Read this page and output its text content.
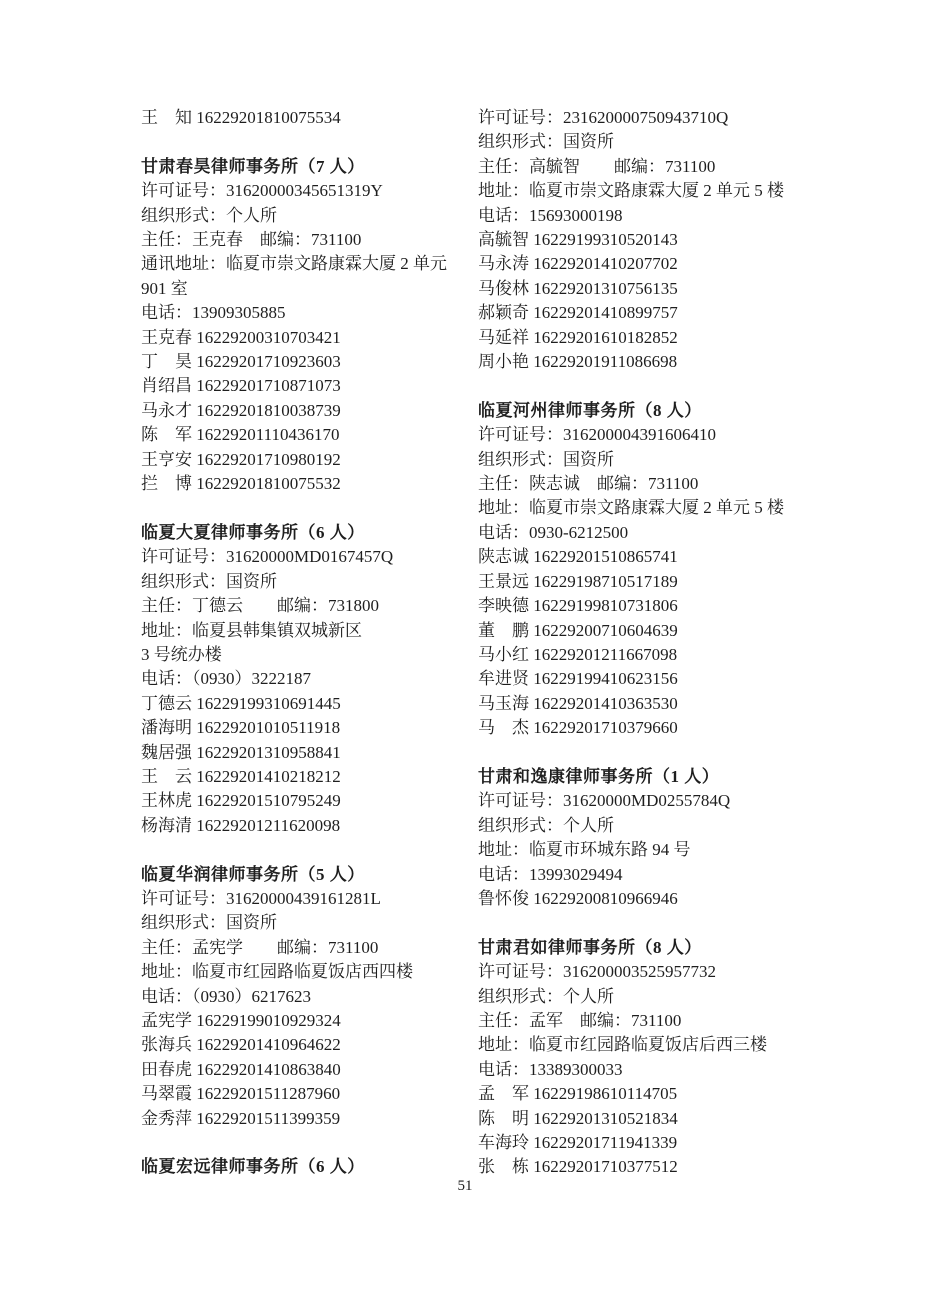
王　知 16229201810075534
甘肃春昊律师事务所（7 人）
许可证号：31620000345651319Y
组织形式：个人所
主任：王克春　邮编：731100
通讯地址：临夏市崇文路康霖大厦 2 单元
901 室
电话：13909305885
王克春 16229200310703421
丁　昊 16229201710923603
肖绍昌 16229201710871073
马永才 16229201810038739
陈　军 16229201110436170
王亨安 16229201710980192
拦　博 16229201810075532
临夏大夏律师事务所（6 人）
许可证号：31620000MD0167457Q
组织形式：国资所
主任：丁德云　　邮编：731800
地址：临夏县韩集镇双城新区
3 号统办楼
电话：（0930）3222187
丁德云 16229199310691445
潘海明 16229201010511918
魏居强 16229201310958841
王　云 16229201410218212
王林虎 16229201510795249
杨海清 16229201211620098
临夏华润律师事务所（5 人）
许可证号：31620000439161281L
组织形式：国资所
主任：孟宪学　　邮编：731100
地址：临夏市红园路临夏饭店西四楼
电话：（0930）6217623
孟宪学 16229199010929324
张海兵 16229201410964622
田春虎 16229201410863840
马翠霞 16229201511287960
金秀萍 16229201511399359
临夏宏远律师事务所（6 人）
许可证号：231620000750943710Q
组织形式：国资所
主任：高毓智　　邮编：731100
地址：临夏市崇文路康霖大厦 2 单元 5 楼
电话：15693000198
高毓智 16229199310520143
马永涛 16229201410207702
马俊林 16229201310756135
郝颖奇 16229201410899757
马延祥 16229201610182852
周小艳 16229201911086698
临夏河州律师事务所（8 人）
许可证号：316200004391606410
组织形式：国资所
主任：陕志诚　邮编：731100
地址：临夏市崇文路康霖大厦 2 单元 5 楼
电话：0930-6212500
陕志诚 16229201510865741
王景远 16229198710517189
李映德 16229199810731806
董　鹏 16229200710604639
马小红 16229201211667098
牟进贤 16229199410623156
马玉海 16229201410363530
马　杰 16229201710379660
甘肃和逸康律师事务所（1 人）
许可证号：31620000MD0255784Q
组织形式：个人所
地址：临夏市环城东路 94 号
电话：13993029494
鲁怀俊 16229200810966946
甘肃君如律师事务所（8 人）
许可证号：316200003525957732
组织形式：个人所
主任：孟军　邮编：731100
地址：临夏市红园路临夏饭店后西三楼
电话：13389300033
孟　军 16229198610114705
陈　明 16229201310521834
车海玲 16229201711941339
张　栋 16229201710377512
51
